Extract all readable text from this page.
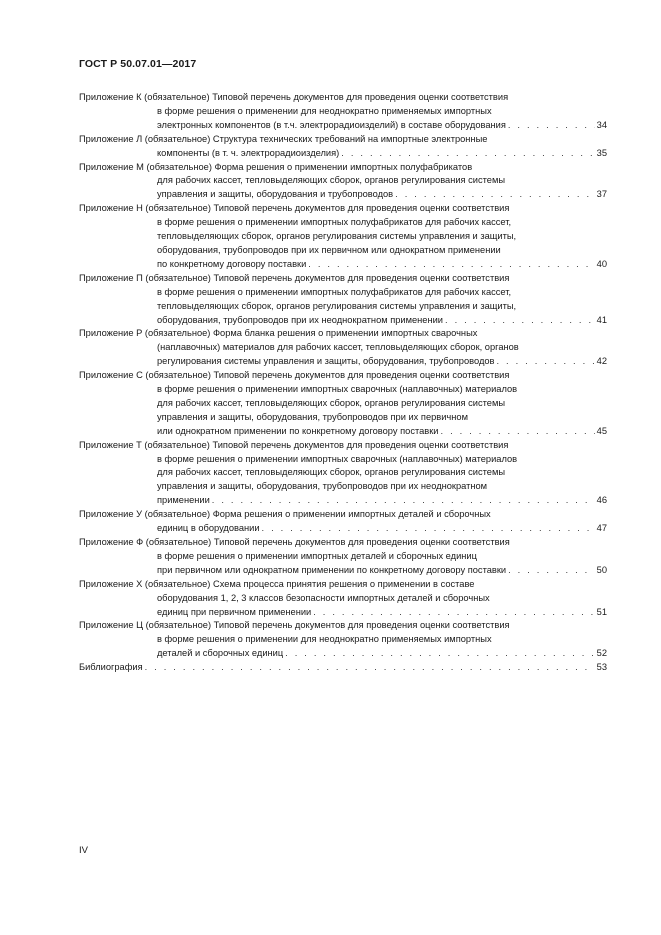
ГОСТ Р 50.07.01—2017
Приложение К (обязательное) Типовой перечень документов для проведения оценки соответствия
в форме решения о применении для неоднократно применяемых импортных
электронных компонентов (в т.ч. электрорадиоизделий) в составе оборудования . . .	34
Приложение Л (обязательное) Структура технических требований на импортные электронные
компоненты (в т. ч. электрорадиоизделия) . . .	35
Приложение М (обязательное) Форма решения о применении импортных полуфабрикатов
для рабочих кассет, тепловыделяющих сборок, органов регулирования системы
управления и защиты, оборудования и трубопроводов . . .	37
Приложение Н (обязательное) Типовой перечень документов для проведения оценки соответствия
в форме решения о применении импортных полуфабрикатов для рабочих кассет,
тепловыделяющих сборок, органов регулирования системы управления и защиты,
оборудования, трубопроводов при их первичном или однократном применении
по конкретному договору поставки . . .	40
Приложение П (обязательное) Типовой перечень документов для проведения оценки соответствия
в форме решения о применении импортных полуфабрикатов для рабочих кассет,
тепловыделяющих сборок, органов регулирования системы управления и защиты,
оборудования, трубопроводов при их неоднократном применении . . .	41
Приложение Р (обязательное) Форма бланка решения о применении импортных сварочных
(наплавочных) материалов для рабочих кассет, тепловыделяющих сборок, органов
регулирования системы управления и защиты, оборудования, трубопроводов . . .	42
Приложение С (обязательное) Типовой перечень документов для проведения оценки соответствия
в форме решения о применении импортных сварочных (наплавочных) материалов
для рабочих кассет, тепловыделяющих сборок, органов регулирования системы
управления и защиты, оборудования, трубопроводов при их первичном
или однократном применении по конкретному договору поставки . . .	45
Приложение Т (обязательное) Типовой перечень документов для проведения оценки соответствия
в форме решения о применении импортных сварочных (наплавочных) материалов
для рабочих кассет, тепловыделяющих сборок, органов регулирования системы
управления и защиты, оборудования, трубопроводов при их неоднократном
применении . . .	46
Приложение У (обязательное) Форма решения о применении импортных деталей и сборочных
единиц в оборудовании . . .	47
Приложение Ф (обязательное) Типовой перечень документов для проведения оценки соответствия
в форме решения о применении импортных деталей и сборочных единиц
при первичном или однократном применении по конкретному договору поставки . . .	50
Приложение Х (обязательное) Схема процесса принятия решения о применении в составе
оборудования 1, 2, 3 классов безопасности импортных деталей и сборочных
единиц при первичном применении . . .	51
Приложение Ц (обязательное) Типовой перечень документов для проведения оценки соответствия
в форме решения о применении для неоднократно применяемых импортных
деталей и сборочных единиц . . .	52
Библиография . . .	53
IV
